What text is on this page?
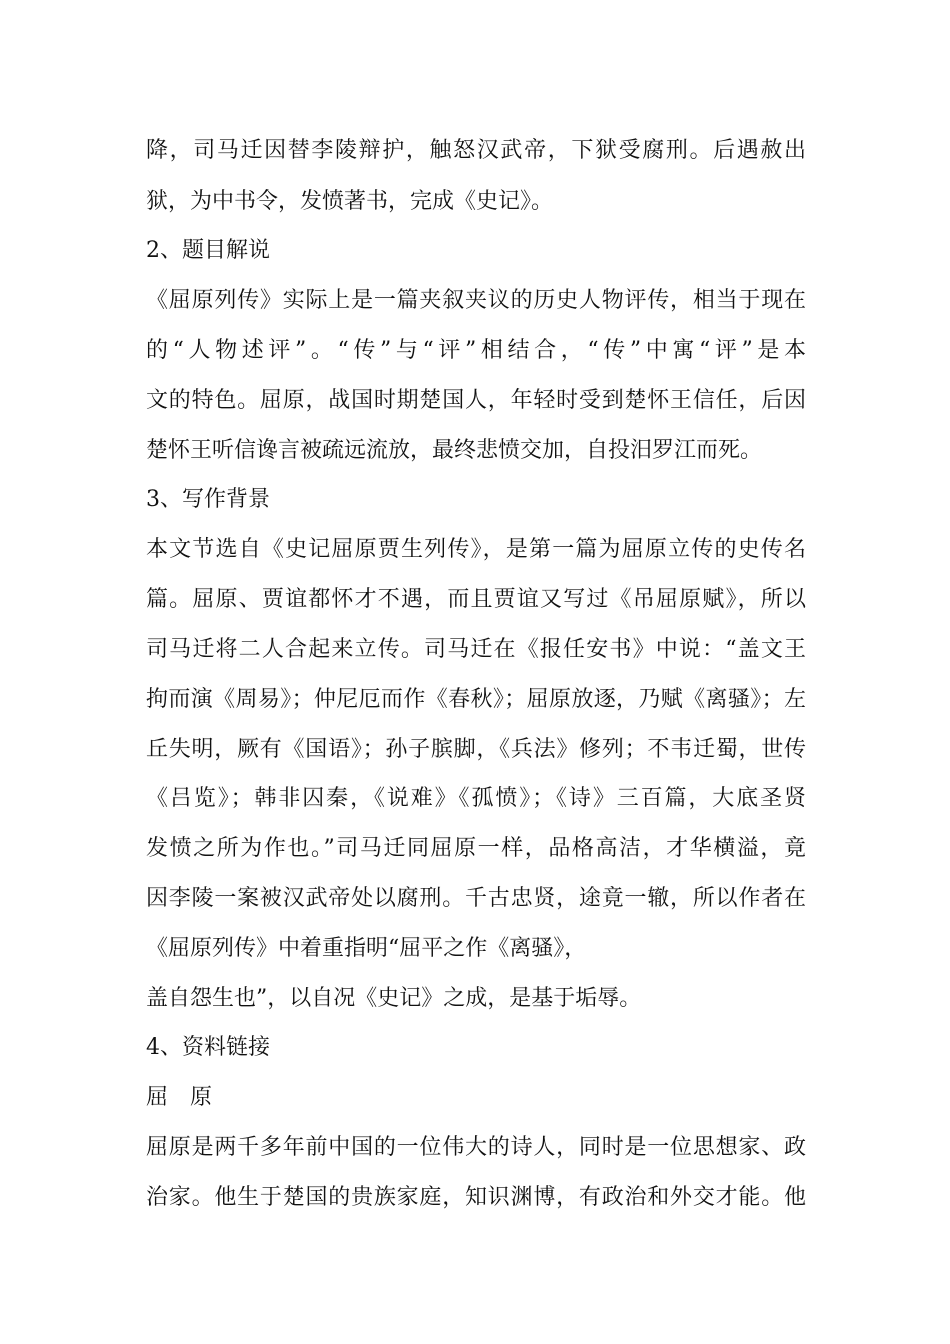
降，司马迁因替李陵辩护，触怒汉武帝，下狱受腐刑。后遇赦出
狱，为中书令，发愤著书，完成《史记》。
2、题目解说
《屈原列传》实际上是一篇夹叙夹议的历史人物评传，相当于现在
的“人物述评”。“传”与“评”相结合，“传”中寓“评”是本
文的特色。屈原，战国时期楚国人，年轻时受到楚怀王信任，后因
楚怀王听信谗言被疏远流放，最终悲愤交加，自投汨罗江而死。
3、写作背景
本文节选自《史记屈原贾生列传》，是第一篇为屈原立传的史传名
篇。屈原、贾谊都怀才不遇，而且贾谊又写过《吊屈原赋》，所以
司马迁将二人合起来立传。司马迁在《报任安书》中说：“盖文王
拘而演《周易》；仲尼厄而作《春秋》；屈原放逐，乃赋《离骚》；左
丘失明，厥有《国语》；孙子膑脚，《兵法》修列；不韦迁蜀，世传
《吕览》；韩非囚秦，《说难》《孤愤》；《诗》三百篇，大底圣贤
发愤之所为作也。”司马迁同屈原一样，品格高洁，才华横溢，竟
因李陵一案被汉武帝处以腐刑。千古忠贤，途竟一辙，所以作者在
《屈原列传》中着重指明“屈平之作《离骚》，
盖自怨生也”，以自况《史记》之成，是基于垢辱。
4、资料链接
屈　原
屈原是两千多年前中国的一位伟大的诗人，同时是一位思想家、政
治家。他生于楚国的贵族家庭，知识渊博，有政治和外交才能。他
